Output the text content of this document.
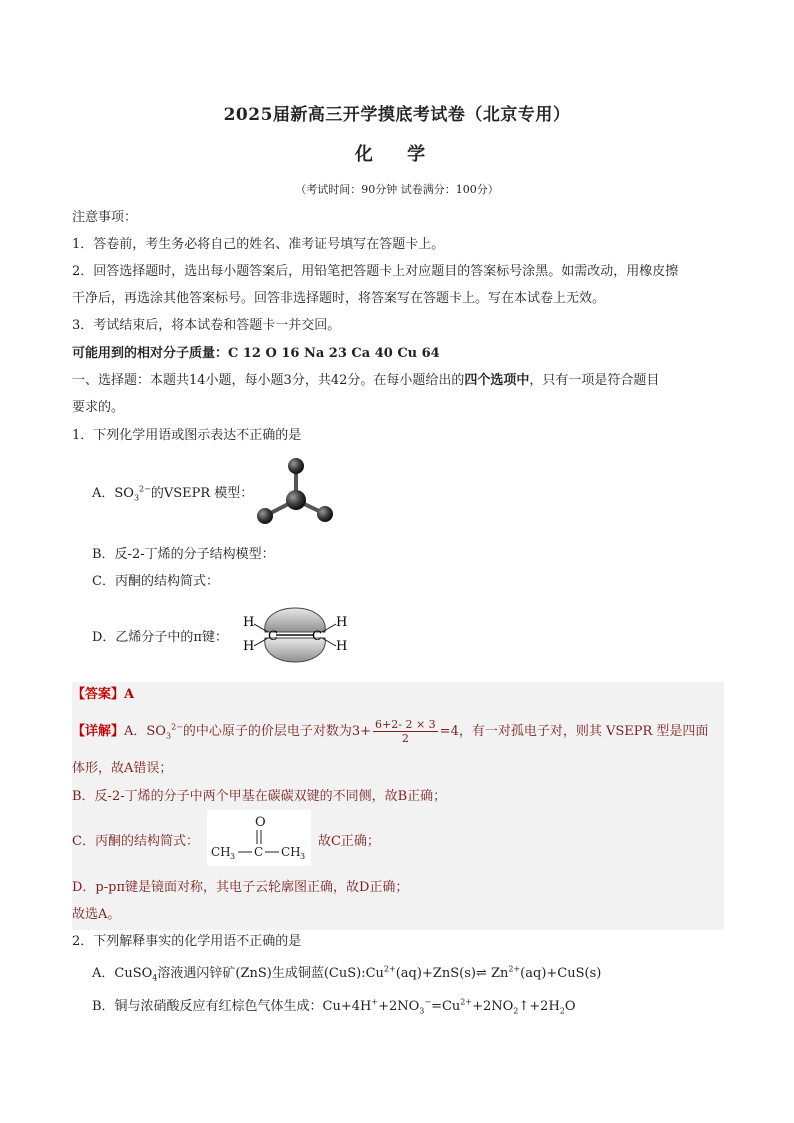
2025届新高三开学摸底考试卷（北京专用）
化 学
（考试时间：90分钟 试卷满分：100分）
注意事项：
1．答卷前，考生务必将自己的姓名、准考证号填写在答题卡上。
2．回答选择题时，选出每小题答案后，用铅笔把答题卡上对应题目的答案标号涂黑。如需改动，用橡皮擦
干净后，再选涂其他答案标号。回答非选择题时，将答案写在答题卡上。写在本试卷上无效。
3．考试结束后，将本试卷和答题卡一并交回。
可能用到的相对分子质量：C 12 O 16 Na 23 Ca 40 Cu 64
一、选择题：本题共14小题，每小题3分，共42分。在每小题给出的四个选项中，只有一项是符合题目
要求的。
1．下列化学用语或图示表达不正确的是
A．$SO_3^{2-}$的VSEPR 模型：
B．反-2-丁烯的分子结构模型：
C．丙酮的结构简式：
D．乙烯分子中的π键：
H
H
C	C
H
H
【答案】A
【详解】A．$SO_3^{2-}$的中心原子的价层电子对数为$3+ \frac{6+2- 2 \times 3}{2} =4$，有一对孤电子对，则其 VSEPR 型是四面
体形，故A错误；
B．反-2-丁烯的分子中两个甲基在碳碳双键的不同侧，故B正确；
C．丙酮的结构简式：	，故C正确；
O
CH 3 C CH 3
D．p-pπ键是镜面对称，其电子云轮廓图正确，故D正确；
故选A。
2．下列解释事实的化学用语不正确的是
A．CuSO$_4$溶液遇闪锌矿(ZnS)生成铜蓝$(CuS):Cu^{2+}(aq)+ZnS(s)\rightleftharpoons$ $Zn^{2+}(aq)+CuS(s)$
B．铜与浓硝酸反应有红棕色气体生成：$Cu+4H^++2NO_3^-=Cu^{2+}+2NO_2↑+2H_2O$
